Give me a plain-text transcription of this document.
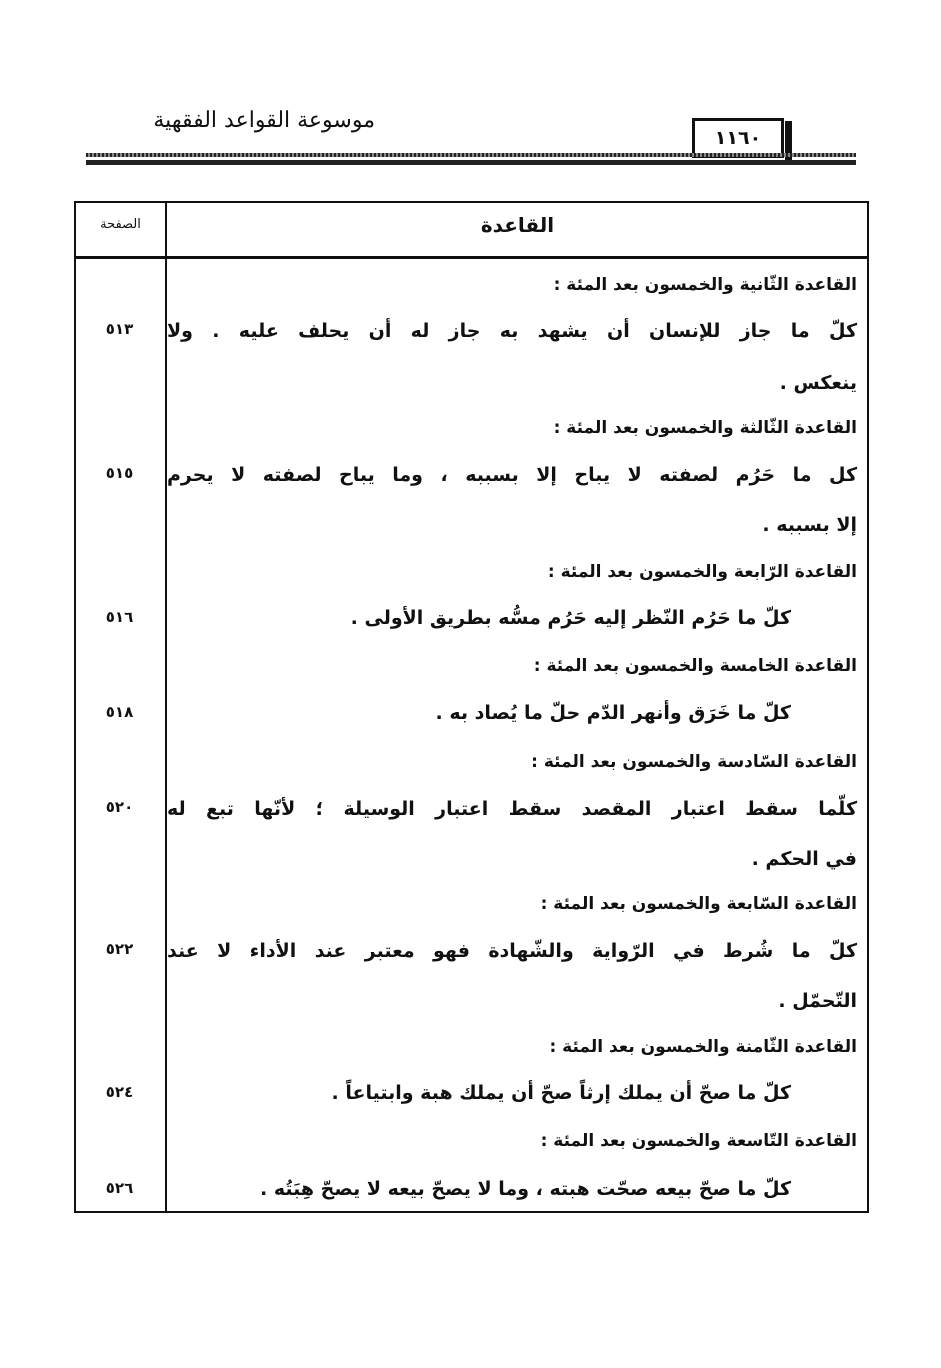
موسوعة القواعد الفقهية
١١٦٠
القاعدة
الصفحة
القاعدة الثّانية والخمسون بعد المئة :
كلّ ما جاز للإنسان أن يشهد به جاز له أن يحلف عليه . ولا
ينعكس .
٥١٣
القاعدة الثّالثة والخمسون بعد المئة :
كل ما حَرُم لصفته لا يباح إلا بسببه ، وما يباح لصفته لا يحرم
إلا بسببه .
٥١٥
القاعدة الرّابعة والخمسون بعد المئة :
كلّ ما حَرُم النّظر إليه حَرُم مسُّه بطريق الأولى .
٥١٦
القاعدة الخامسة والخمسون بعد المئة :
كلّ ما خَرَق وأنهر الدّم حلّ ما يُصاد به .
٥١٨
القاعدة السّادسة والخمسون بعد المئة :
كلّما سقط اعتبار المقصد سقط اعتبار الوسيلة ؛ لأنّها تبع له
في الحكم .
٥٢٠
القاعدة السّابعة والخمسون بعد المئة :
كلّ ما شُرط في الرّواية والشّهادة فهو معتبر عند الأداء لا عند
التّحمّل .
٥٢٢
القاعدة الثّامنة والخمسون بعد المئة :
كلّ ما صحّ أن يملك إرثاً صحّ أن يملك هبة وابتياعاً .
٥٢٤
القاعدة التّاسعة والخمسون بعد المئة :
كلّ ما صحّ بيعه صحّت هبته ، وما لا يصحّ بيعه لا يصحّ هِبَتُه .
٥٢٦
